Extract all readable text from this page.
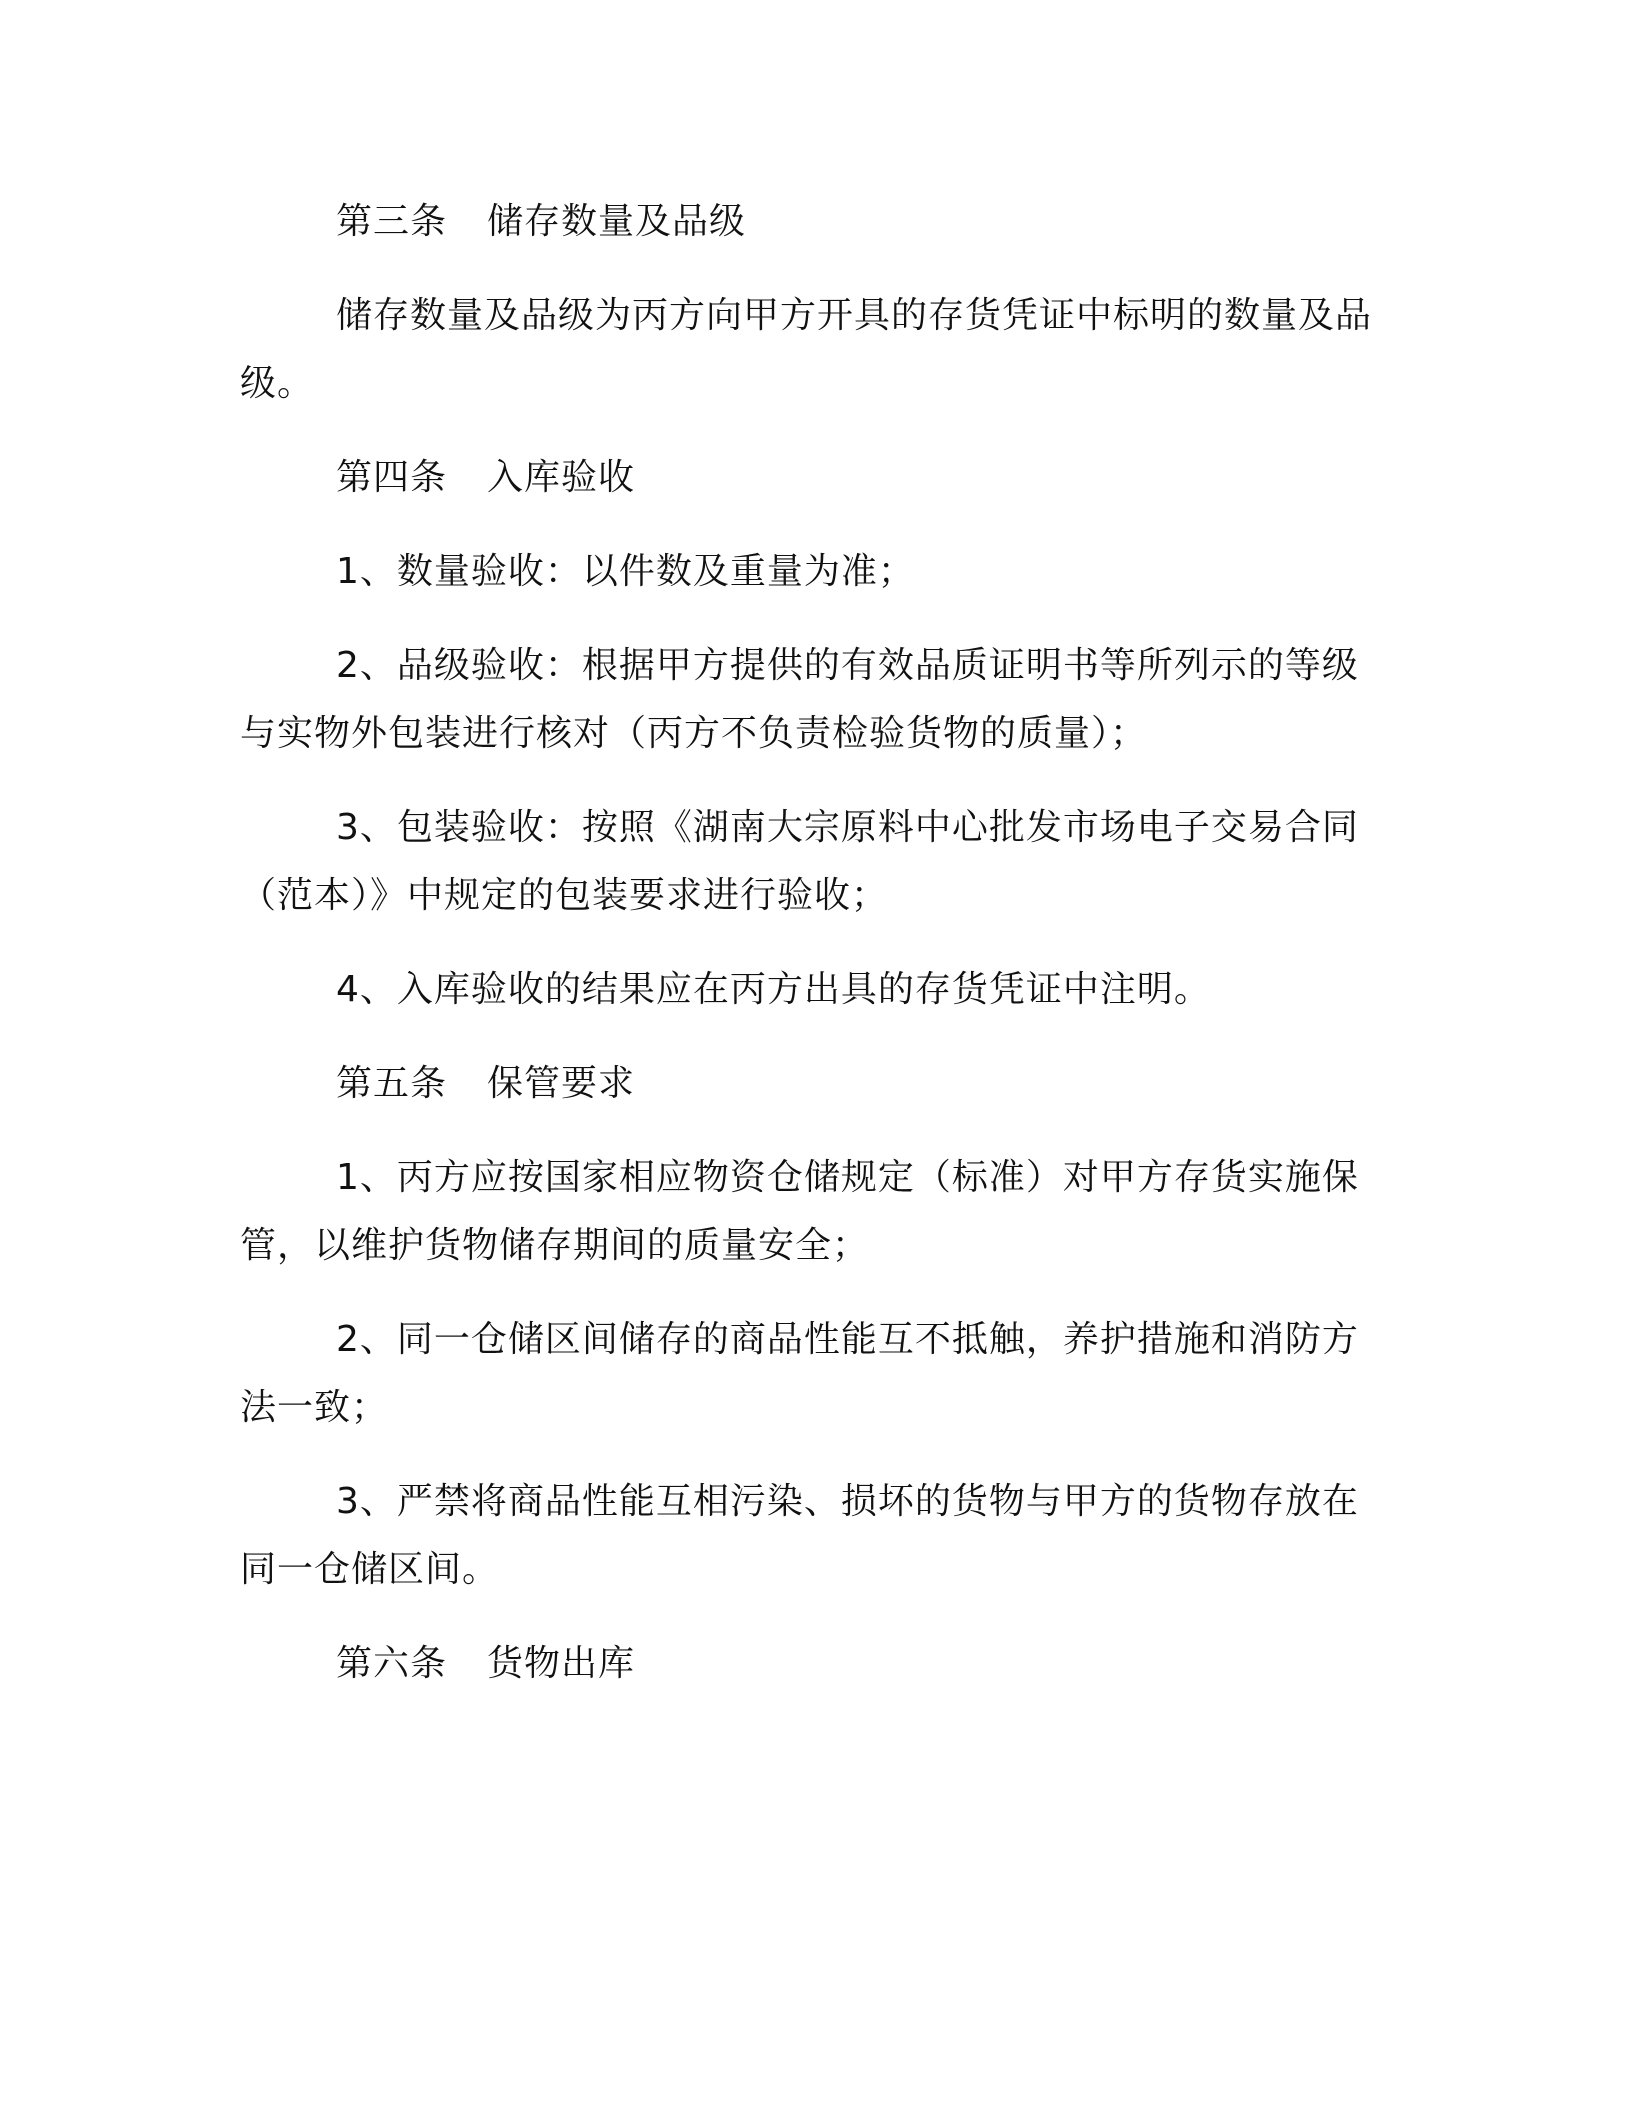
第三条 储存数量及品级

储存数量及品级为丙方向甲方开具的存货凭证中标明的数量及品级。

第四条 入库验收

1、数量验收：以件数及重量为准；

2、品级验收：根据甲方提供的有效品质证明书等所列示的等级与实物外包装进行核对（丙方不负责检验货物的质量）；

3、包装验收：按照《湖南大宗原料中心批发市场电子交易合同（范本）》中规定的包装要求进行验收；

4、入库验收的结果应在丙方出具的存货凭证中注明。

第五条 保管要求

1、丙方应按国家相应物资仓储规定（标准）对甲方存货实施保管，以维护货物储存期间的质量安全；

2、同一仓储区间储存的商品性能互不抵触，养护措施和消防方法一致；

3、严禁将商品性能互相污染、损坏的货物与甲方的货物存放在同一仓储区间。

第六条 货物出库
